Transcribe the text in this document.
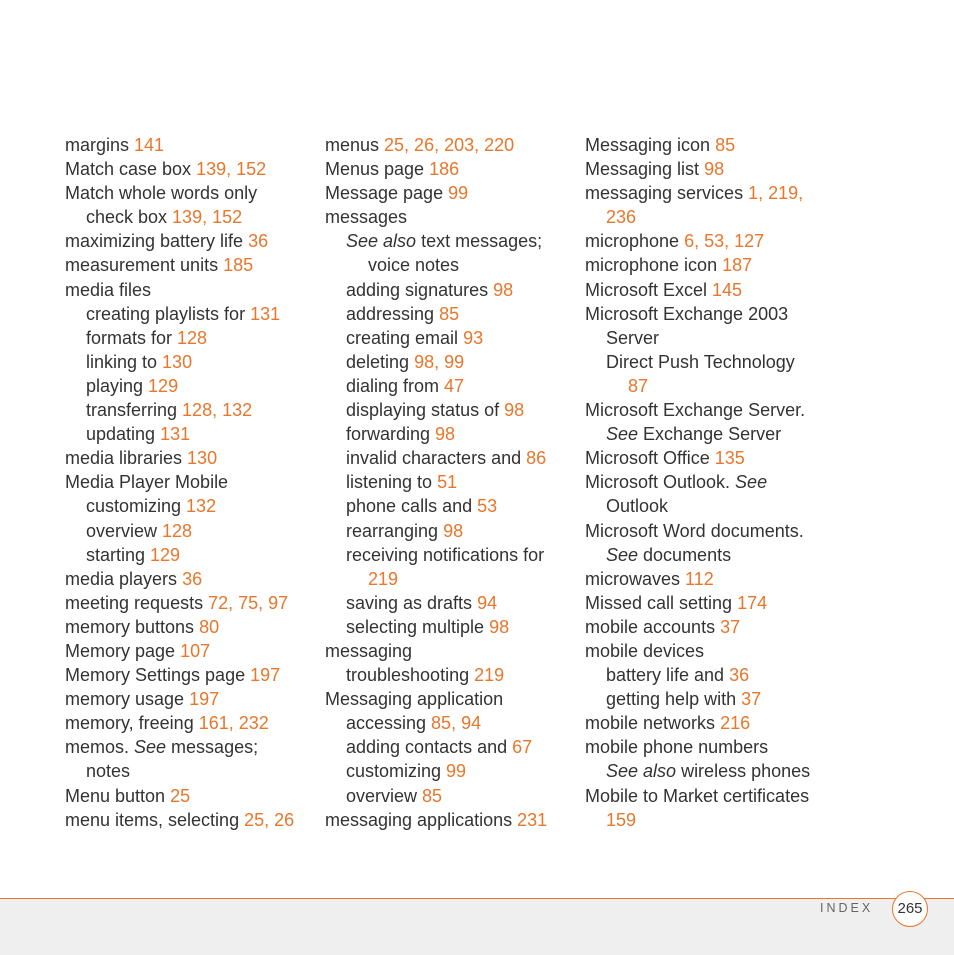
margins 141
Match case box 139, 152
Match whole words only
check box 139, 152
maximizing battery life 36
measurement units 185
media files
creating playlists for 131
formats for 128
linking to 130
playing 129
transferring 128, 132
updating 131
media libraries 130
Media Player Mobile
customizing 132
overview 128
starting 129
media players 36
meeting requests 72, 75, 97
memory buttons 80
Memory page 107
Memory Settings page 197
memory usage 197
memory, freeing 161, 232
memos. See messages;
notes
Menu button 25
menu items, selecting 25, 26
menus 25, 26, 203, 220
Menus page 186
Message page 99
messages
See also text messages;
voice notes
adding signatures 98
addressing 85
creating email 93
deleting 98, 99
dialing from 47
displaying status of 98
forwarding 98
invalid characters and 86
listening to 51
phone calls and 53
rearranging 98
receiving notifications for
219
saving as drafts 94
selecting multiple 98
messaging
troubleshooting 219
Messaging application
accessing 85, 94
adding contacts and 67
customizing 99
overview 85
messaging applications 231
Messaging icon 85
Messaging list 98
messaging services 1, 219,
236
microphone 6, 53, 127
microphone icon 187
Microsoft Excel 145
Microsoft Exchange 2003
Server
Direct Push Technology
87
Microsoft Exchange Server.
See Exchange Server
Microsoft Office 135
Microsoft Outlook. See
Outlook
Microsoft Word documents.
See documents
microwaves 112
Missed call setting 174
mobile accounts 37
mobile devices
battery life and 36
getting help with 37
mobile networks 216
mobile phone numbers
See also wireless phones
Mobile to Market certificates
159
INDEX	265
